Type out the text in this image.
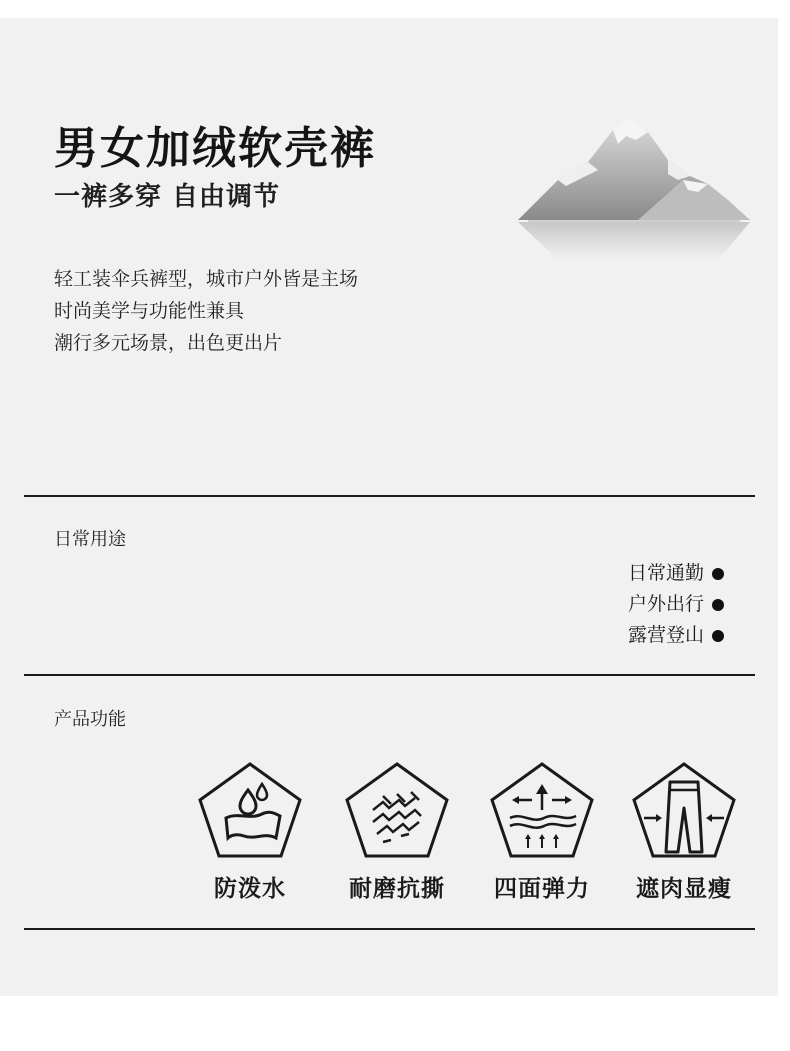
男女加绒软壳裤
一裤多穿 自由调节
轻工装伞兵裤型，城市户外皆是主场
时尚美学与功能性兼具
潮行多元场景，出色更出片
日常用途
日常通勤
户外出行
露营登山
产品功能
防泼水	耐磨抗撕	四面弹力	遮肉显瘦
